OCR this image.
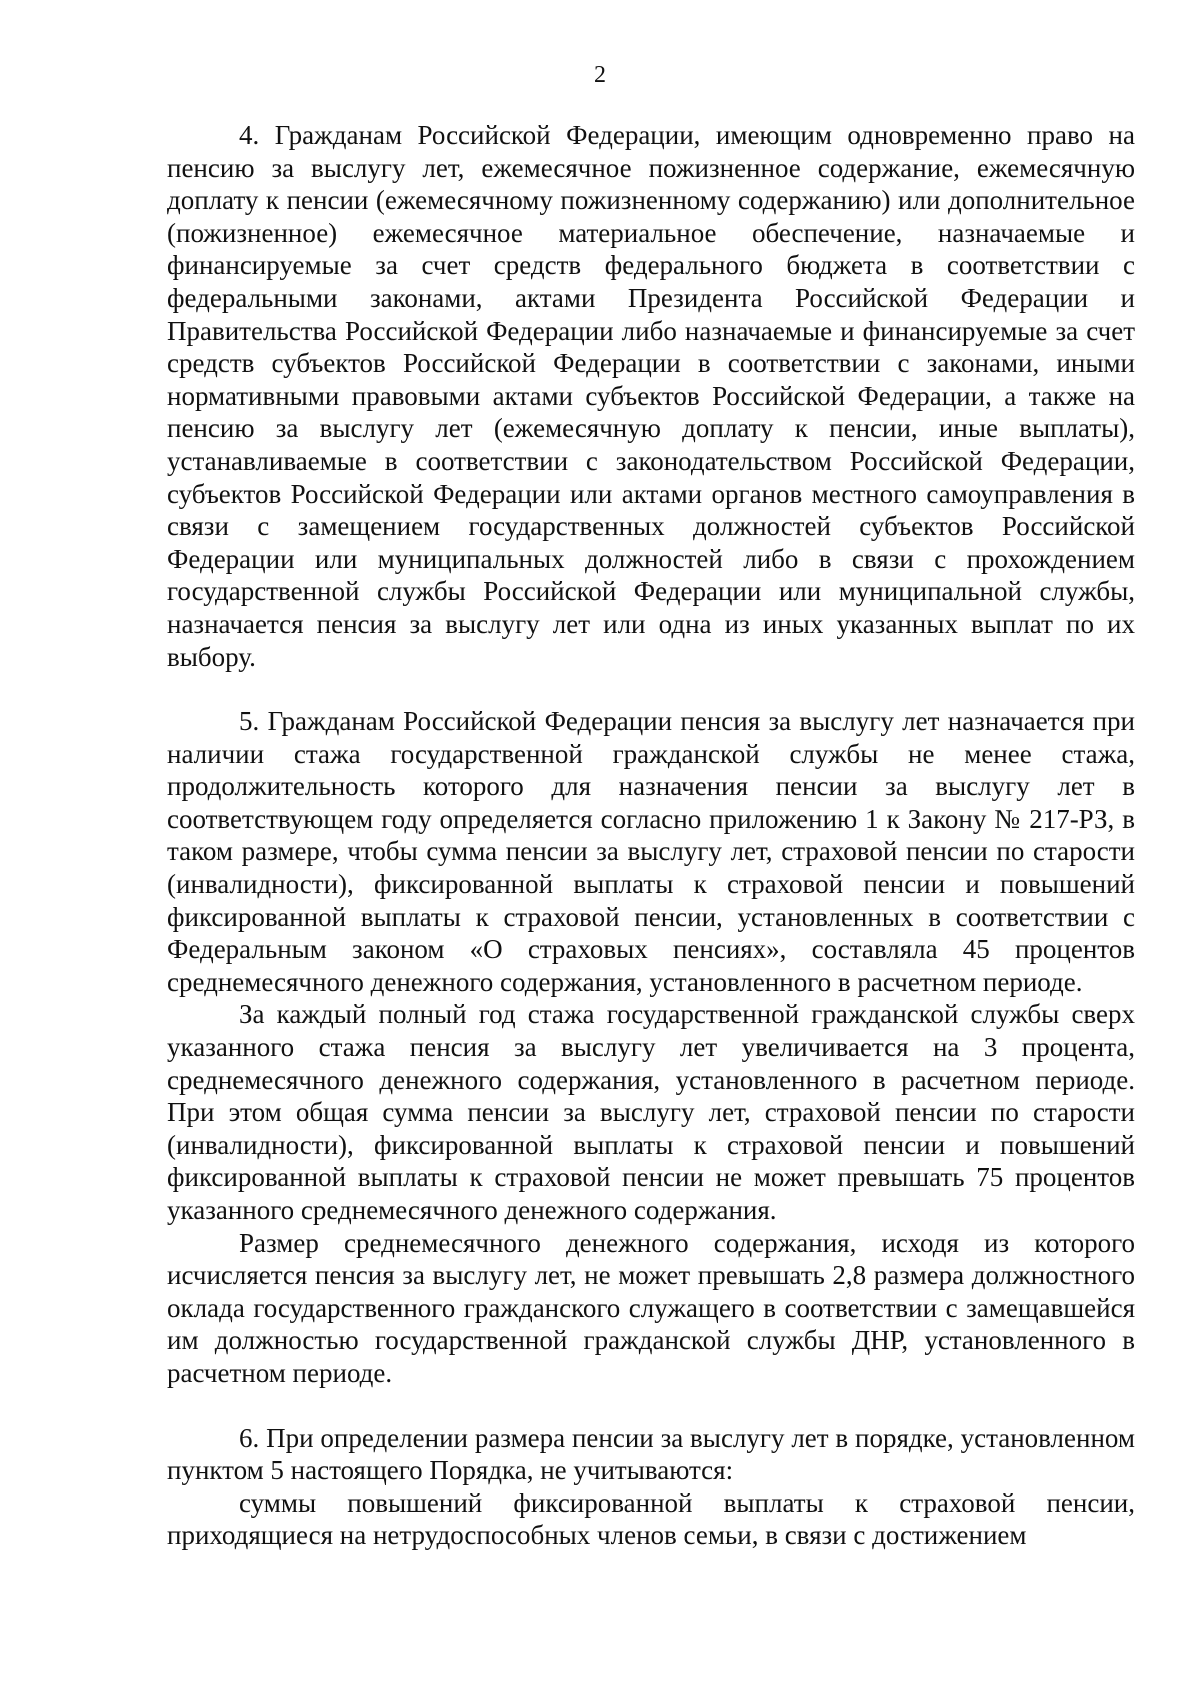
2

4. Гражданам Российской Федерации, имеющим одновременно право на пенсию за выслугу лет, ежемесячное пожизненное содержание, ежемесячную доплату к пенсии (ежемесячному пожизненному содержанию) или дополнительное (пожизненное) ежемесячное материальное обеспечение, назначаемые и финансируемые за счет средств федерального бюджета в соответствии с федеральными законами, актами Президента Российской Федерации и Правительства Российской Федерации либо назначаемые и финансируемые за счет средств субъектов Российской Федерации в соответствии с законами, иными нормативными правовыми актами субъектов Российской Федерации, а также на пенсию за выслугу лет (ежемесячную доплату к пенсии, иные выплаты), устанавливаемые в соответствии с законодательством Российской Федерации, субъектов Российской Федерации или актами органов местного самоуправления в связи с замещением государственных должностей субъектов Российской Федерации или муниципальных должностей либо в связи с прохождением государственной службы Российской Федерации или муниципальной службы, назначается пенсия за выслугу лет или одна из иных указанных выплат по их выбору.

5. Гражданам Российской Федерации пенсия за выслугу лет назначается при наличии стажа государственной гражданской службы не менее стажа, продолжительность которого для назначения пенсии за выслугу лет в соответствующем году определяется согласно приложению 1 к Закону № 217-РЗ, в таком размере, чтобы сумма пенсии за выслугу лет, страховой пенсии по старости (инвалидности), фиксированной выплаты к страховой пенсии и повышений фиксированной выплаты к страховой пенсии, установленных в соответствии с Федеральным законом «О страховых пенсиях», составляла 45 процентов среднемесячного денежного содержания, установленного в расчетном периоде.

За каждый полный год стажа государственной гражданской службы сверх указанного стажа пенсия за выслугу лет увеличивается на 3 процента, среднемесячного денежного содержания, установленного в расчетном периоде. При этом общая сумма пенсии за выслугу лет, страховой пенсии по старости (инвалидности), фиксированной выплаты к страховой пенсии и повышений фиксированной выплаты к страховой пенсии не может превышать 75 процентов указанного среднемесячного денежного содержания.

Размер среднемесячного денежного содержания, исходя из которого исчисляется пенсия за выслугу лет, не может превышать 2,8 размера должностного оклада государственного гражданского служащего в соответствии с замещавшейся им должностью государственной гражданской службы ДНР, установленного в расчетном периоде.

6. При определении размера пенсии за выслугу лет в порядке, установленном пунктом 5 настоящего Порядка, не учитываются:

суммы повышений фиксированной выплаты к страховой пенсии, приходящиеся на нетрудоспособных членов семьи, в связи с достижением
